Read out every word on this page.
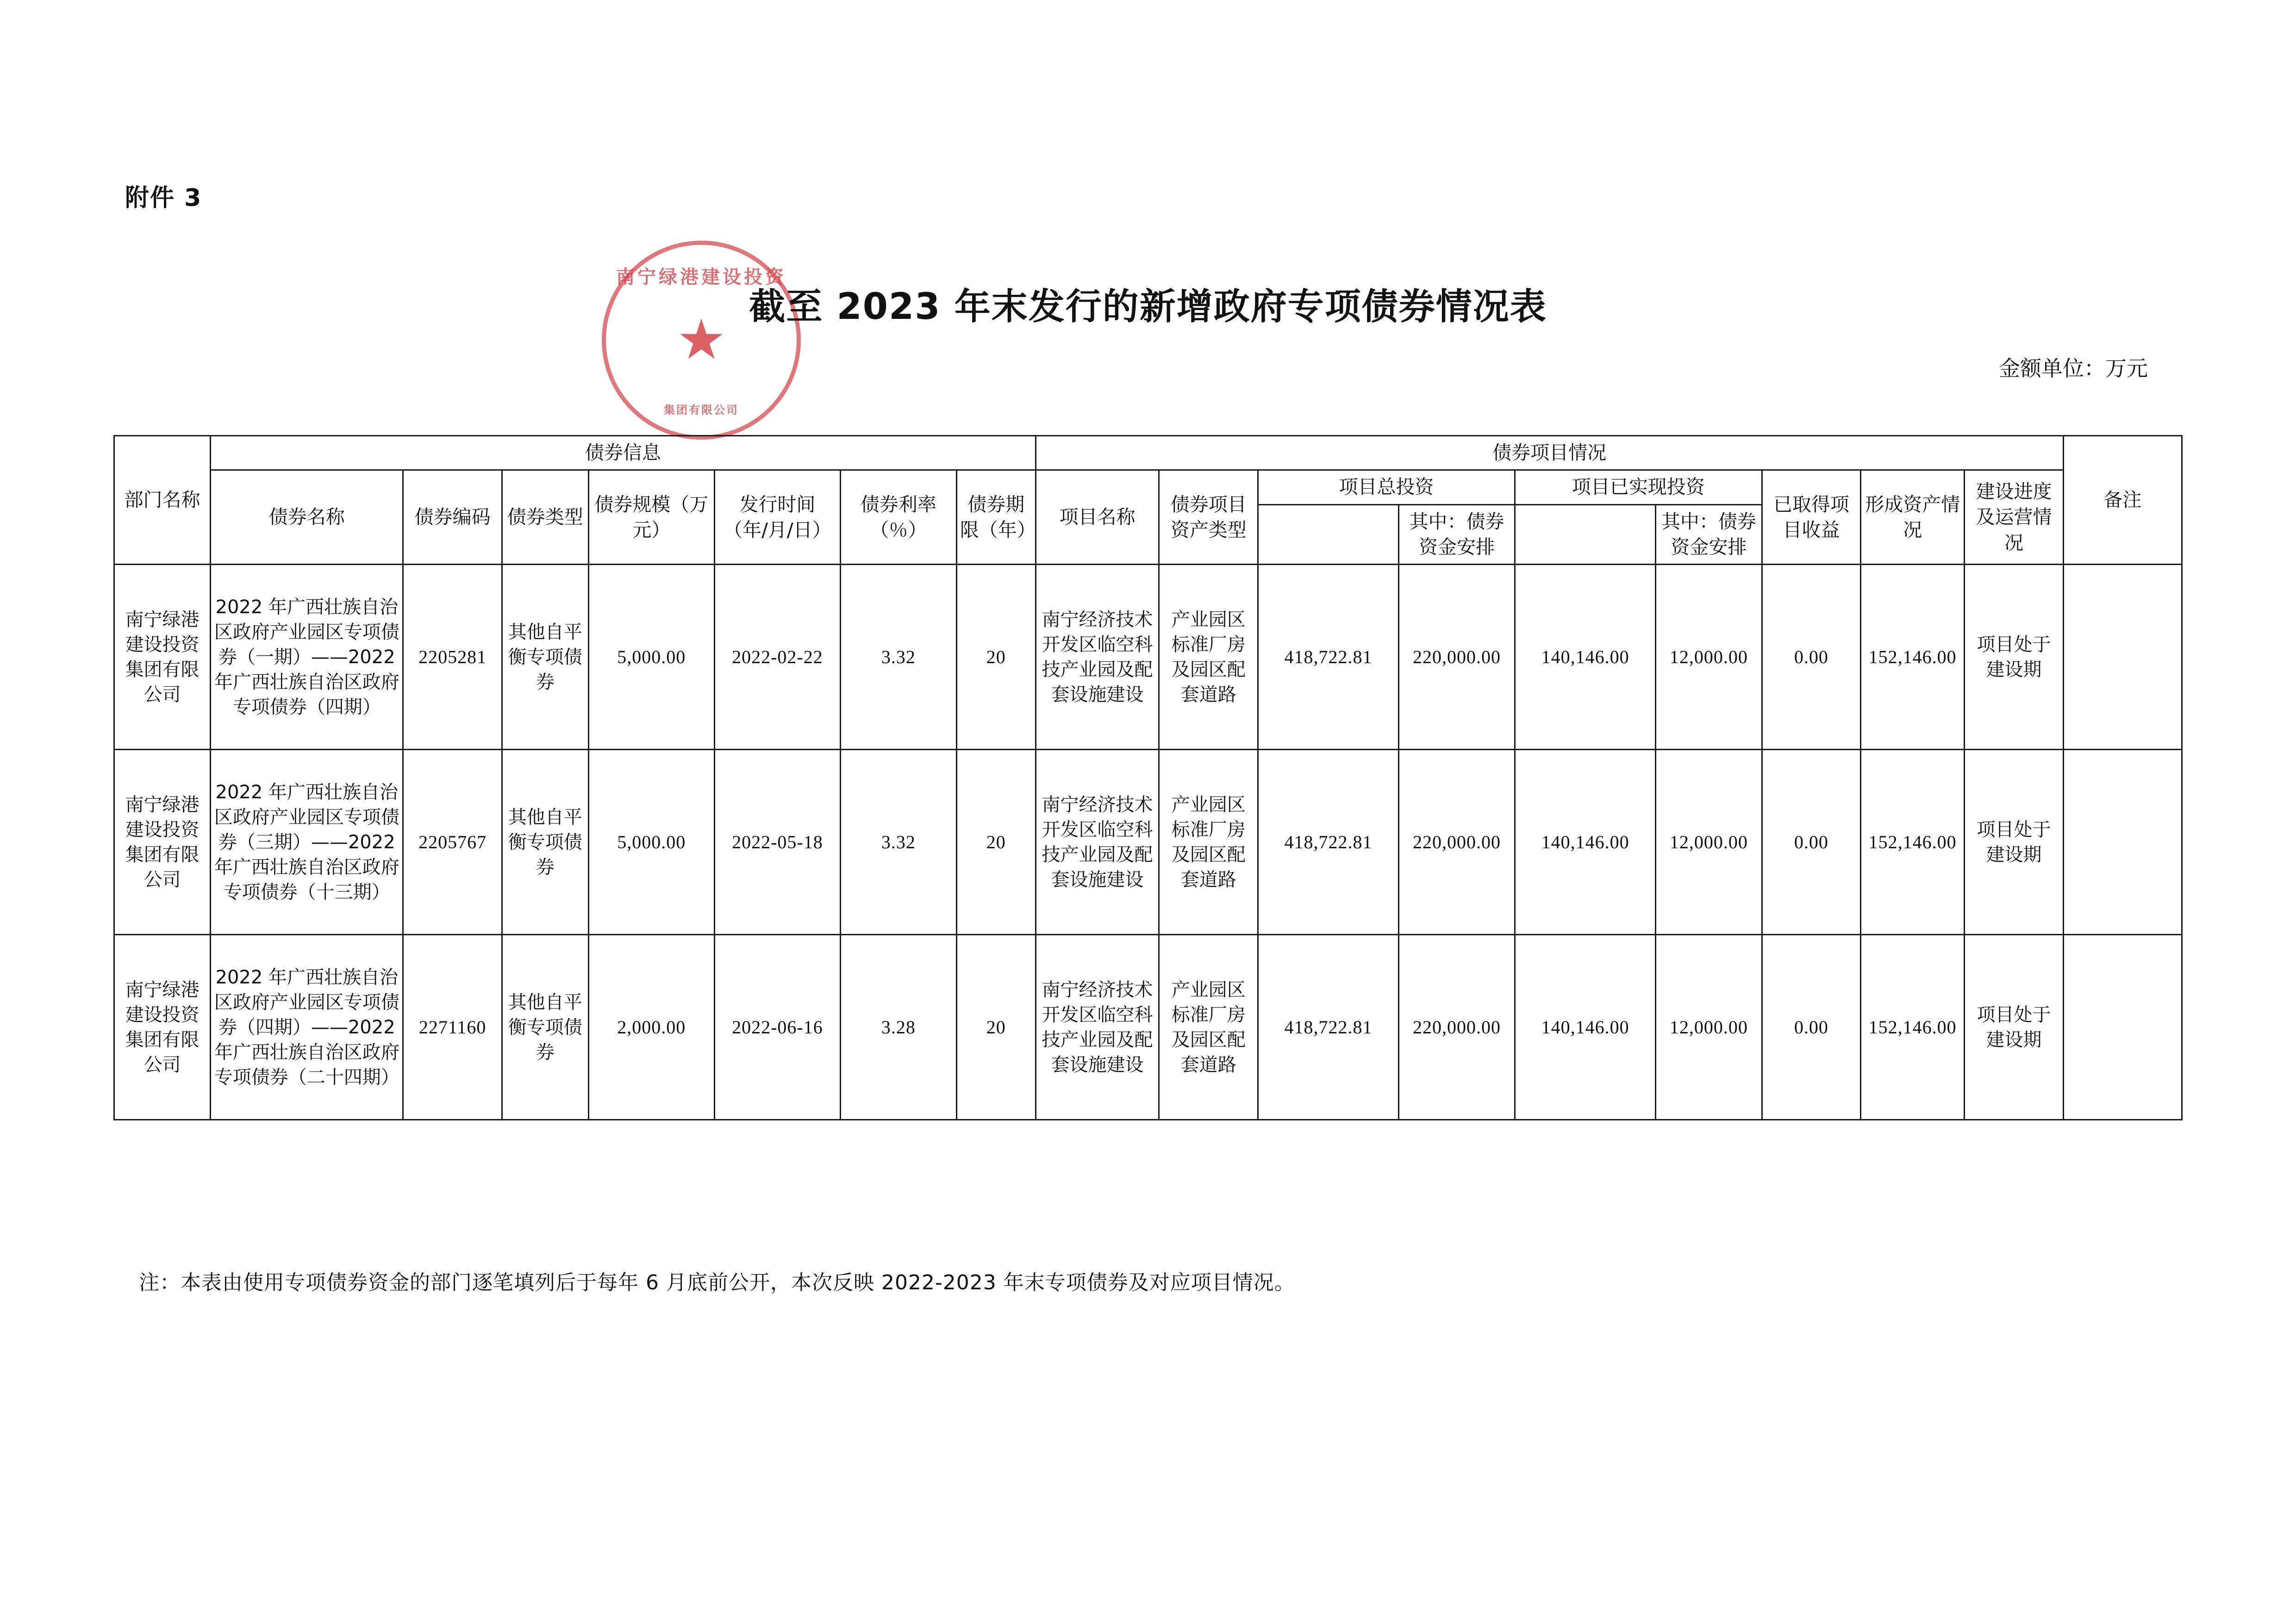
附件 3
南宁绿港建设投资
★
集团有限公司
截至 2023 年末发行的新增政府专项债券情况表
金额单位：万元
部门名称	债券信息							债券项目情况									备注
	债券名称	债券编码	债券类型	债券规模（万元）	发行时间（年/月/日）	债券利率（％）	债券期限（年）	项目名称	债券项目资产类型	项目总投资		项目已实现投资		已取得项目收益	形成资产情况	建设进度及运营情况	
											其中：债券资金安排		其中：债券资金安排				
南宁绿港建设投资集团有限公司	2022 年广西壮族自治区政府产业园区专项债券（一期）——2022 年广西壮族自治区政府专项债券（四期）	2205281	其他自平衡专项债券	5,000.00	2022-02-22	3.32	20	南宁经济技术开发区临空科技产业园及配套设施建设	产业园区标准厂房及园区配套道路	418,722.81	220,000.00	140,146.00	12,000.00	0.00	152,146.00	项目处于建设期	
南宁绿港建设投资集团有限公司	2022 年广西壮族自治区政府产业园区专项债券（三期）——2022 年广西壮族自治区政府专项债券（十三期）	2205767	其他自平衡专项债券	5,000.00	2022-05-18	3.32	20	南宁经济技术开发区临空科技产业园及配套设施建设	产业园区标准厂房及园区配套道路	418,722.81	220,000.00	140,146.00	12,000.00	0.00	152,146.00	项目处于建设期	
南宁绿港建设投资集团有限公司	2022 年广西壮族自治区政府产业园区专项债券（四期）——2022 年广西壮族自治区政府专项债券（二十四期）	2271160	其他自平衡专项债券	2,000.00	2022-06-16	3.28	20	南宁经济技术开发区临空科技产业园及配套设施建设	产业园区标准厂房及园区配套道路	418,722.81	220,000.00	140,146.00	12,000.00	0.00	152,146.00	项目处于建设期	
注：本表由使用专项债券资金的部门逐笔填列后于每年 6 月底前公开，本次反映 2022-2023 年末专项债券及对应项目情况。
